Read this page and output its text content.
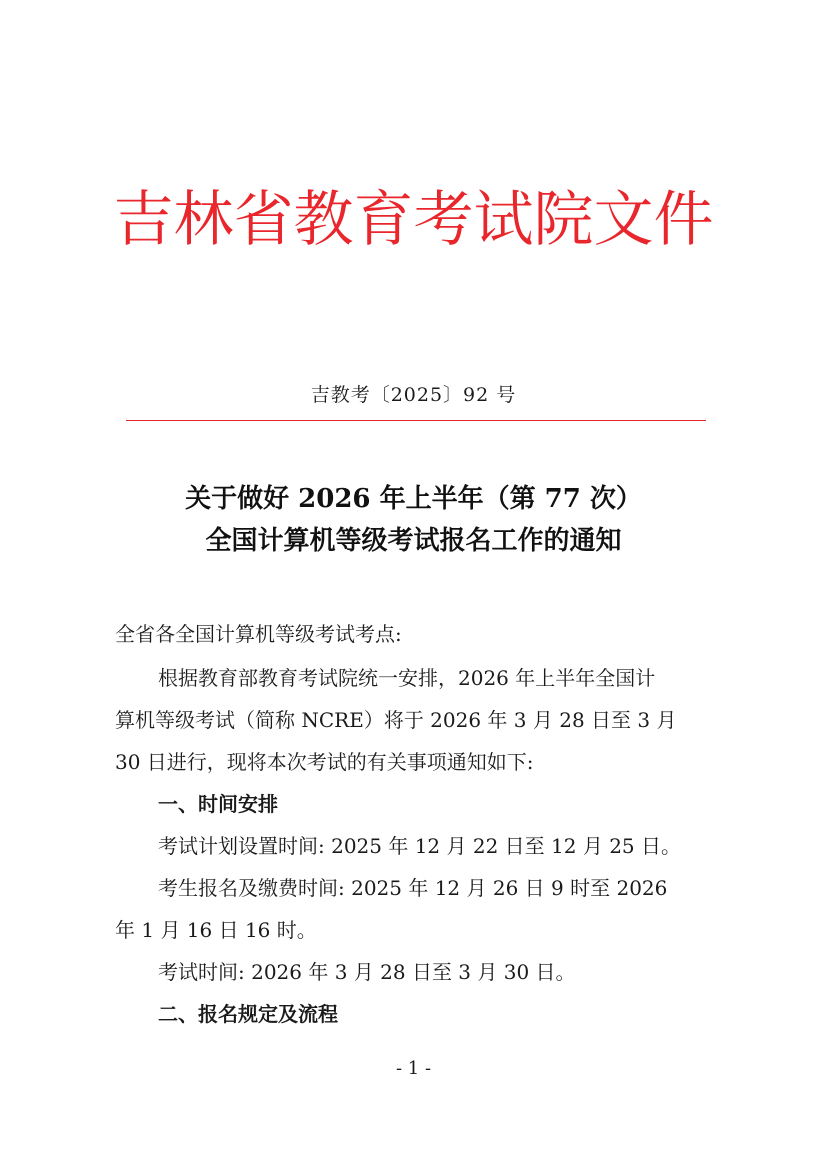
吉林省教育考试院文件
吉教考〔2025〕92 号
关于做好 2026 年上半年（第 77 次）
全国计算机等级考试报名工作的通知
全省各全国计算机等级考试考点:
根据教育部教育考试院统一安排，2026 年上半年全国计
算机等级考试（简称 NCRE）将于 2026 年 3 月 28 日至 3 月
30 日进行，现将本次考试的有关事项通知如下:
一、时间安排
考试计划设置时间: 2025 年 12 月 22 日至 12 月 25 日。
考生报名及缴费时间: 2025 年 12 月 26 日 9 时至 2026
年 1 月 16 日 16 时。
考试时间: 2026 年 3 月 28 日至 3 月 30 日。
二、报名规定及流程
- 1 -
